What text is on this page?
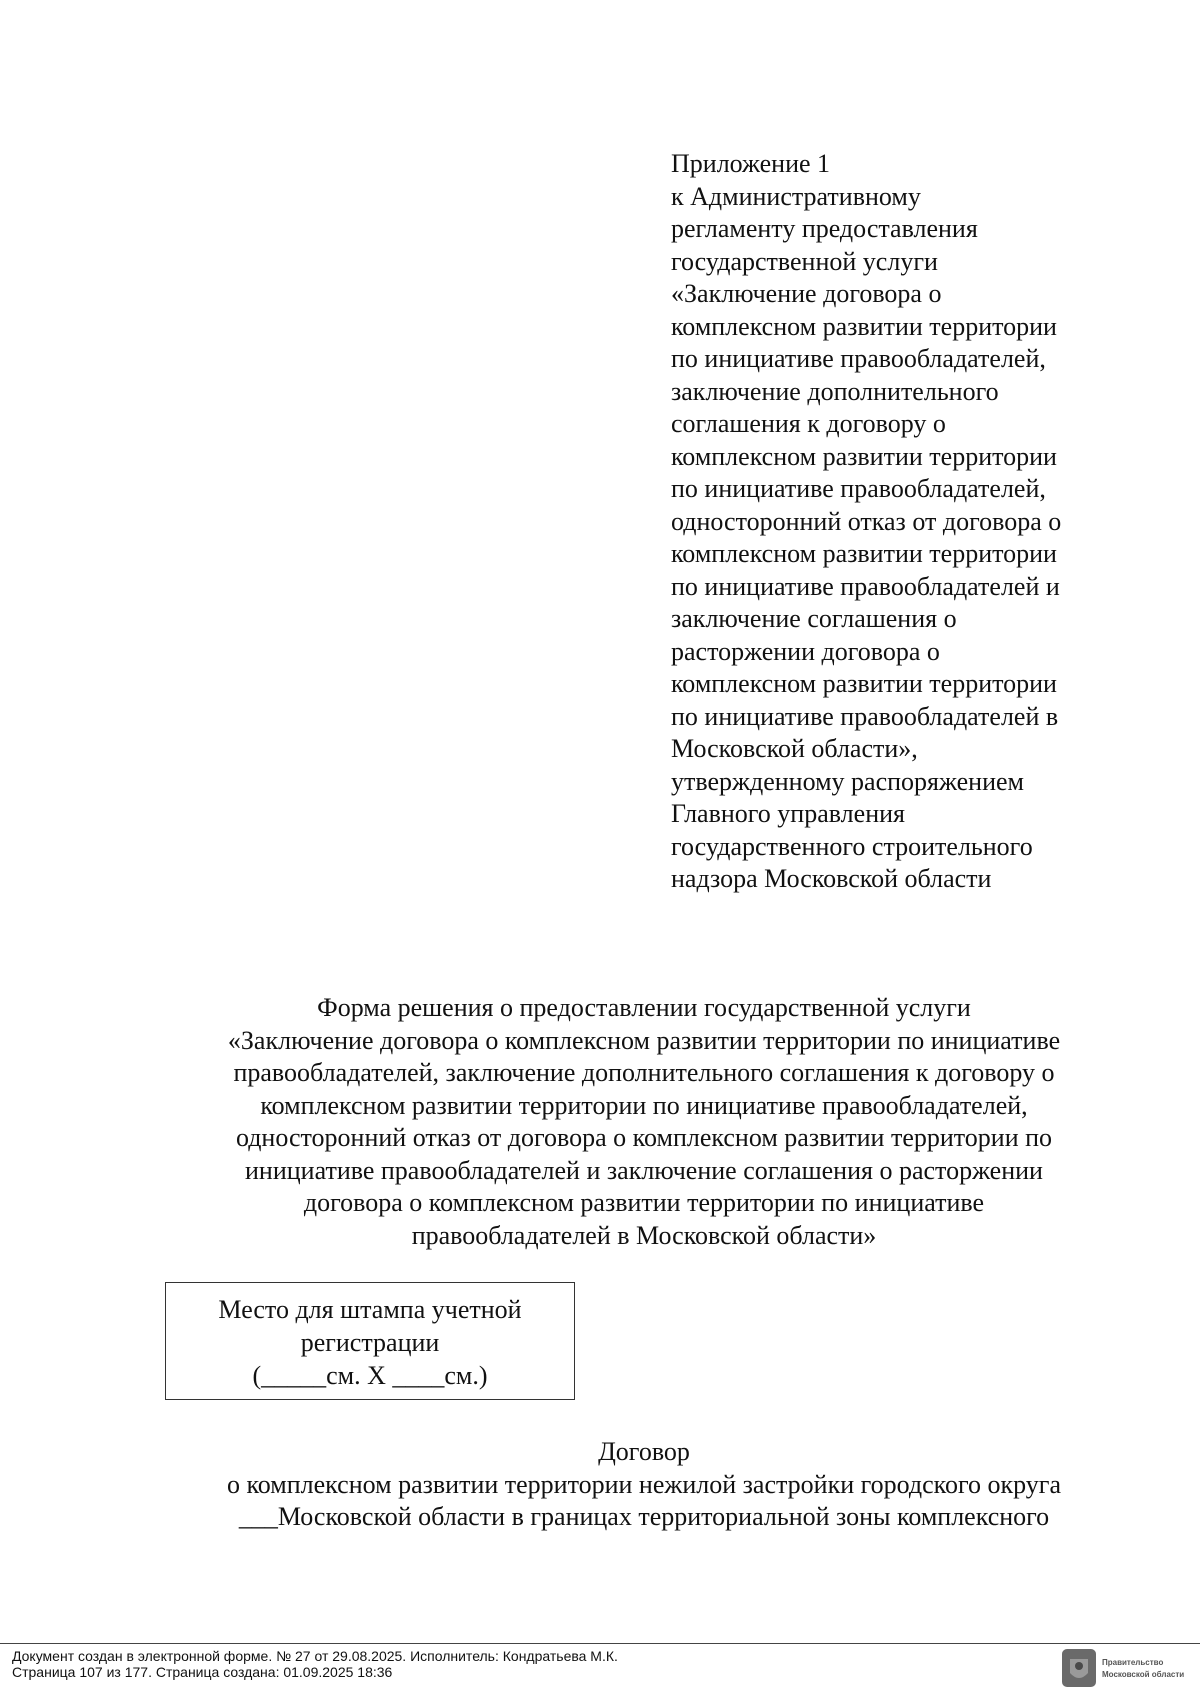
Приложение 1
к Административному
регламенту предоставления
государственной услуги
«Заключение договора о
комплексном развитии территории
по инициативе правообладателей,
заключение дополнительного
соглашения к договору о
комплексном развитии территории
по инициативе правообладателей,
односторонний отказ от договора о
комплексном развитии территории
по инициативе правообладателей и
заключение соглашения о
расторжении договора о
комплексном развитии территории
по инициативе правообладателей в
Московской области»,
утвержденному распоряжением
Главного управления
государственного строительного
надзора Московской области
Форма решения о предоставлении государственной услуги
«Заключение договора о комплексном развитии территории по инициативе
правообладателей, заключение дополнительного соглашения к договору о
комплексном развитии территории по инициативе правообладателей,
односторонний отказ от договора о комплексном развитии территории по
инициативе правообладателей и заключение соглашения о расторжении
договора о комплексном развитии территории по инициативе
правообладателей в Московской области»
Место для штампа учетной
регистрации
(_____см. Х ____см.)
Договор
о комплексном развитии территории нежилой застройки городского округа
___Московской области в границах территориальной зоны комплексного
Документ создан в электронной форме. № 27 от 29.08.2025. Исполнитель: Кондратьева М.К.
Страница 107 из 177. Страница создана: 01.09.2025 18:36
Правительство
Московской области
